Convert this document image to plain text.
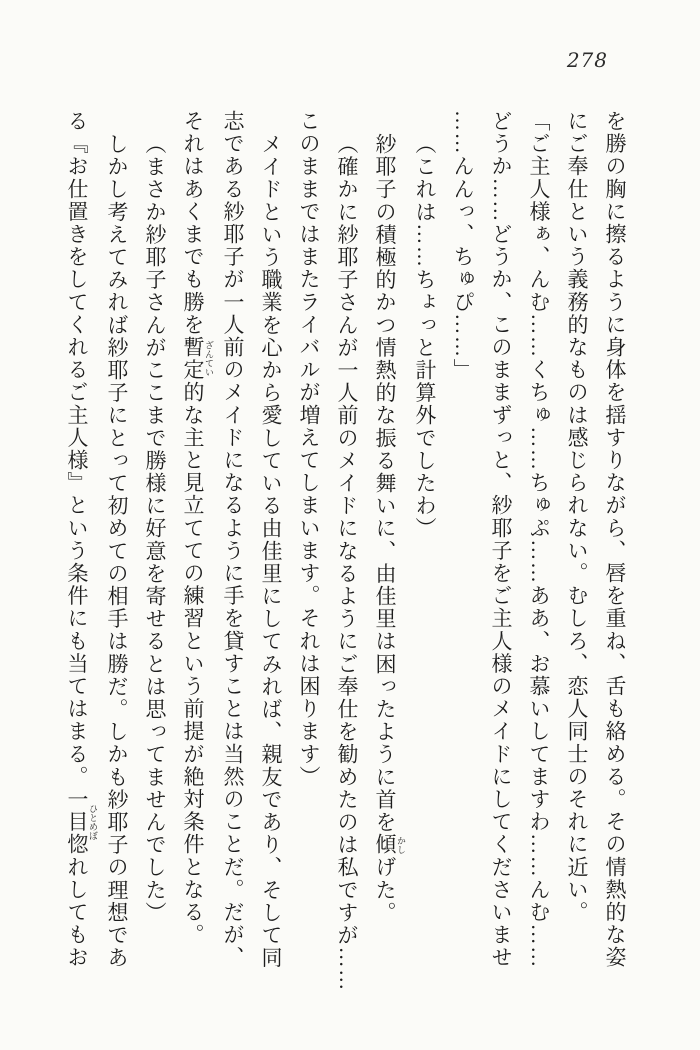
278
を勝の胸に擦るように身体を揺すりながら、唇を重ね、舌も絡める。その情熱的な姿
にご奉仕という義務的なものは感じられない。むしろ、恋人同士のそれに近い。
「ご主人様ぁ、んむ……くちゅ……ちゅぷ……ああ、お慕いしてますわ……んむ……
どうか……どうか、このままずっと、紗耶子をご主人様のメイドにしてくださいませ
……んんっ、ちゅぴ……」
（これは……ちょっと計算外でしたわ）
紗耶子の積極的かつ情熱的な振る舞いに、由佳里は困ったように首を傾 かしげた。
（確かに紗耶子さんが一人前のメイドになるようにご奉仕を勧めたのは私ですが……
このままではまたライバルが増えてしまいます。それは困ります）
メイドという職業を心から愛している由佳里にしてみれば、親友であり、そして同
志である紗耶子が一人前のメイドになるように手を貸すことは当然のことだ。だが、
それはあくまでも勝を暫定 ざんてい的な主と見立てての練習という前提が絶対条件となる。
（まさか紗耶子さんがここまで勝様に好意を寄せるとは思ってませんでした）
しかし考えてみれば紗耶子にとって初めての相手は勝だ。しかも紗耶子の理想であ
る『お仕置きをしてくれるご主人様』という条件にも当てはまる。一目惚 ひとめぼれしてもお
